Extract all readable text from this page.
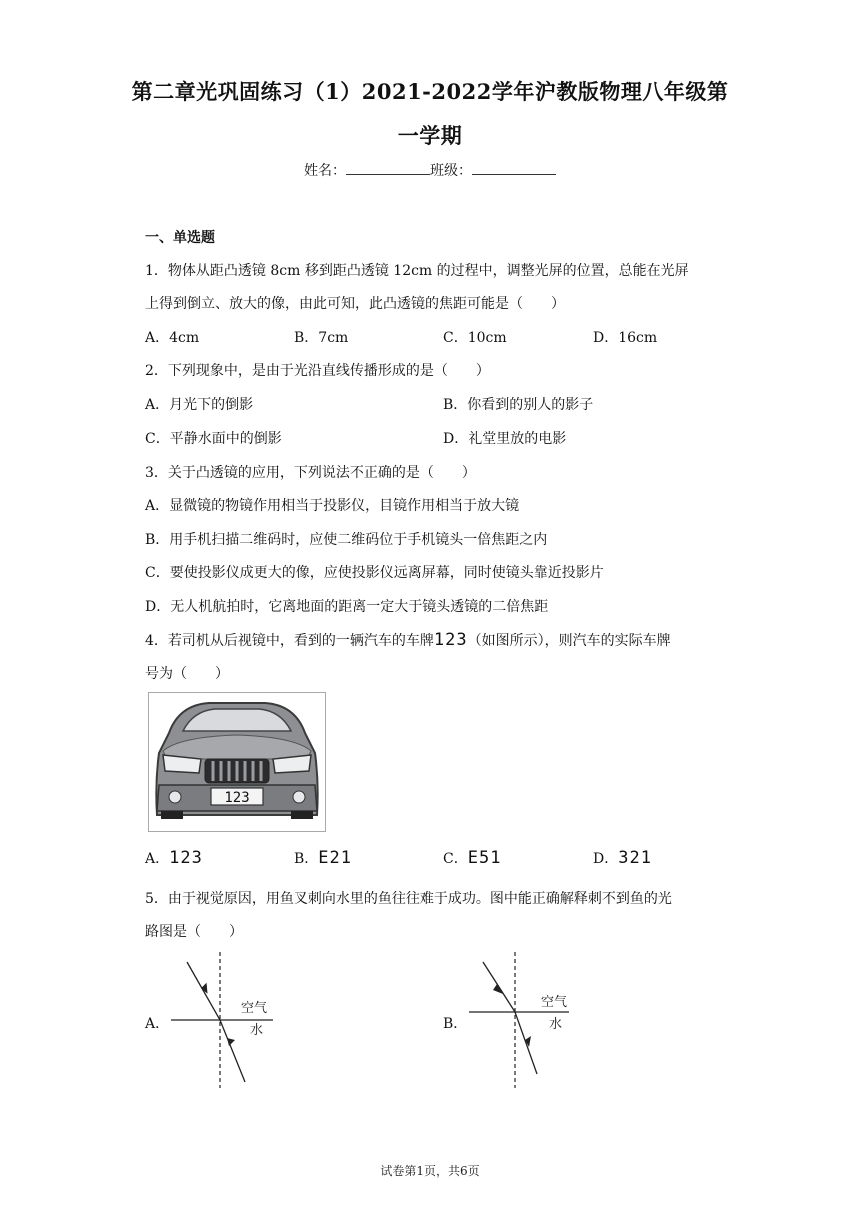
第二章光巩固练习（1）2021-2022学年沪教版物理八年级第
一学期
姓名：	班级：
一、单选题
1．物体从距凸透镜 8cm 移到距凸透镜 12cm 的过程中，调整光屏的位置，总能在光屏
上得到倒立、放大的像，由此可知，此凸透镜的焦距可能是（　　）
A．4cm	B．7cm	C．10cm	D．16cm
2．下列现象中，是由于光沿直线传播形成的是（　　）
A．月光下的倒影	B．你看到的别人的影子
C．平静水面中的倒影	D．礼堂里放的电影
3．关于凸透镜的应用，下列说法不正确的是（　　）
A．显微镜的物镜作用相当于投影仪，目镜作用相当于放大镜
B．用手机扫描二维码时，应使二维码位于手机镜头一倍焦距之内
C．要使投影仪成更大的像，应使投影仪远离屏幕，同时使镜头靠近投影片
D．无人机航拍时，它离地面的距离一定大于镜头透镜的二倍焦距
4．若司机从后视镜中，看到的一辆汽车的车牌123（如图所示），则汽车的实际车牌
号为（　　）
123
A．123	B．E21	C．E51	D．321
5．由于视觉原因，用鱼叉刺向水里的鱼往往难于成功。图中能正确解释刺不到鱼的光
路图是（　　）
A．	B．
空气
水
空气
水
试卷第1页，共6页
